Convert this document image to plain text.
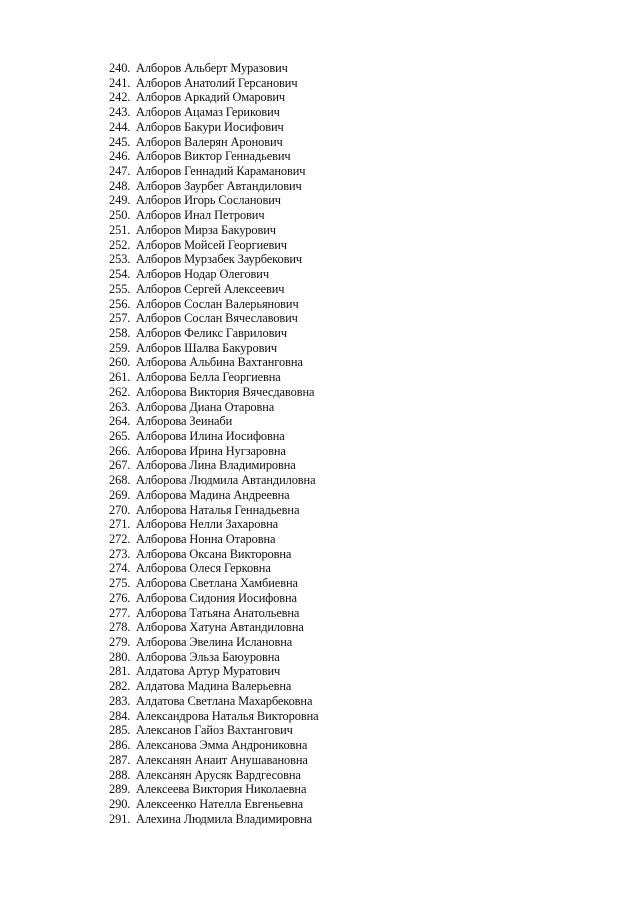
240. Алборов Альберт Муразович
241. Алборов Анатолий Герсанович
242. Алборов Аркадий Омарович
243. Алборов Ацамаз Герикович
244. Алборов Бакури Иосифович
245. Алборов Валерян Аронович
246. Алборов Виктор Геннадьевич
247. Алборов Геннадий Караманович
248. Алборов Заурбег Автандилович
249. Алборов Игорь Сосланович
250. Алборов Инал Петрович
251. Алборов Мирза Бакурович
252. Алборов Мойсей Георгиевич
253. Алборов Мурзабек Заурбекович
254. Алборов Нодар Олегович
255. Алборов Сергей Алексеевич
256. Алборов Сослан Валерьянович
257. Алборов Сослан Вячеславович
258. Алборов Феликс Гаврилович
259. Алборов Шалва Бакурович
260. Алборова Альбина Вахтанговна
261. Алборова Белла Георгиевна
262. Алборова Виктория Вячесдавовна
263. Алборова Диана Отаровна
264. Алборова Зеинаби
265. Алборова Илина Иосифовна
266. Алборова Ирина Нугзаровна
267. Алборова Лина Владимировна
268. Алборова Людмила Автандиловна
269. Алборова Мадина Андреевна
270. Алборова Наталья Геннадьевна
271. Алборова Нелли Захаровна
272. Алборова Нонна Отаровна
273. Алборова Оксана Викторовна
274. Алборова Олеся Герковна
275. Алборова Светлана Хамбиевна
276. Алборова Сидония Иосифовна
277. Алборова Татьяна Анатольевна
278. Алборова Хатуна Автандиловна
279. Алборова Эвелина Ислановна
280. Алборова Эльза Баюуровна
281. Алдатова Артур Муратович
282. Алдатова Мадина Валерьевна
283. Алдатова Светлана Махарбековна
284. Александрова Наталья Викторовна
285. Алексанов Гайоз Вахтангович
286. Алексанова Эмма Андрониковна
287. Алексанян Анаит Анушавановна
288. Алексанян Арусяк Вардгесовна
289. Алексеева Виктория Николаевна
290. Алексеенко Нателла Евгеньевна
291. Алехина Людмила Владимировна
